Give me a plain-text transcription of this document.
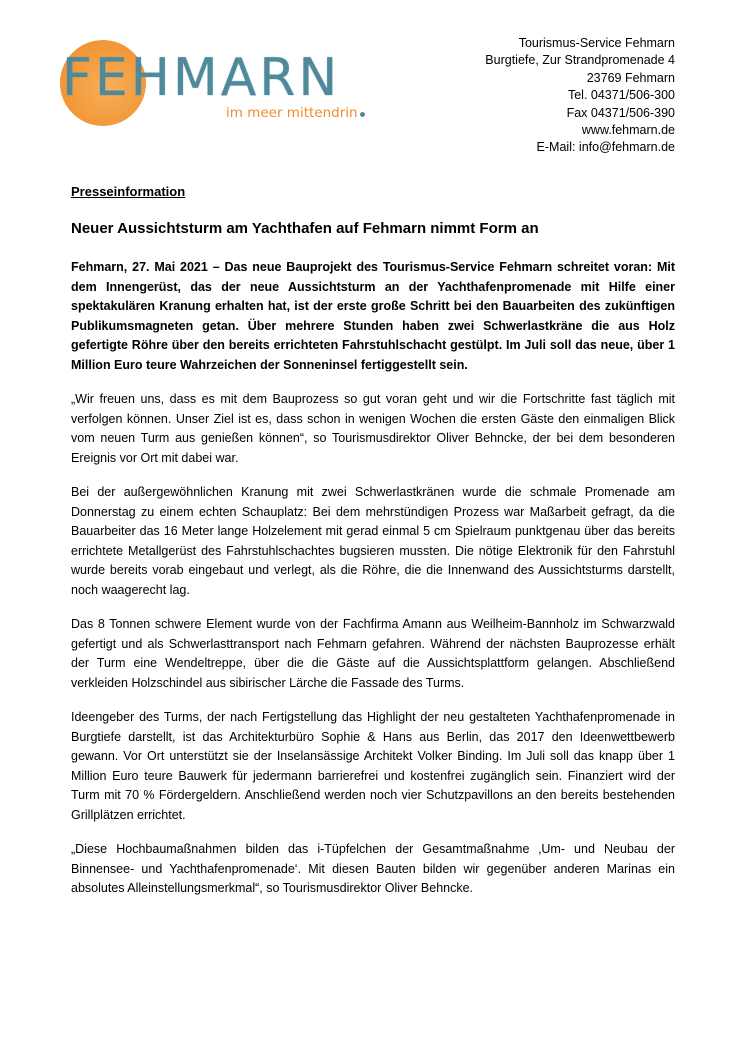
FEHMARN
im meer mittendrin
Tourismus-Service Fehmarn
Burgtiefe, Zur Strandpromenade 4
23769 Fehmarn
Tel. 04371/506-300
Fax 04371/506-390
www.fehmarn.de
E-Mail: info@fehmarn.de
Presseinformation
Neuer Aussichtsturm am Yachthafen auf Fehmarn nimmt Form an

Fehmarn, 27. Mai 2021 – Das neue Bauprojekt des Tourismus-Service Fehmarn schreitet voran: Mit dem Innengerüst, das der neue Aussichtsturm an der Yachthafenpromenade mit Hilfe einer spektakulären Kranung erhalten hat, ist der erste große Schritt bei den Bauarbeiten des zukünftigen Publikumsmagneten getan. Über mehrere Stunden haben zwei Schwerlastkräne die aus Holz gefertigte Röhre über den bereits errichteten Fahrstuhlschacht gestülpt. Im Juli soll das neue, über 1 Million Euro teure Wahrzeichen der Sonneninsel fertiggestellt sein.

„Wir freuen uns, dass es mit dem Bauprozess so gut voran geht und wir die Fortschritte fast täglich mit verfolgen können. Unser Ziel ist es, dass schon in wenigen Wochen die ersten Gäste den einmaligen Blick vom neuen Turm aus genießen können“, so Tourismusdirektor Oliver Behncke, der bei dem besonderen Ereignis vor Ort mit dabei war.

Bei der außergewöhnlichen Kranung mit zwei Schwerlastkränen wurde die schmale Promenade am Donnerstag zu einem echten Schauplatz: Bei dem mehrstündigen Prozess war Maßarbeit gefragt, da die Bauarbeiter das 16 Meter lange Holzelement mit gerad einmal 5 cm Spielraum punktgenau über das bereits errichtete Metallgerüst des Fahrstuhlschachtes bugsieren mussten. Die nötige Elektronik für den Fahrstuhl wurde bereits vorab eingebaut und verlegt, als die Röhre, die die Innenwand des Aussichtsturms darstellt, noch waagerecht lag.

Das 8 Tonnen schwere Element wurde von der Fachfirma Amann aus Weilheim-Bannholz im Schwarzwald gefertigt und als Schwerlasttransport nach Fehmarn gefahren. Während der nächsten Bauprozesse erhält der Turm eine Wendeltreppe, über die die Gäste auf die Aussichtsplattform gelangen. Abschließend verkleiden Holzschindel aus sibirischer Lärche die Fassade des Turms.

Ideengeber des Turms, der nach Fertigstellung das Highlight der neu gestalteten Yachthafenpromenade in Burgtiefe darstellt, ist das Architekturbüro Sophie & Hans aus Berlin, das 2017 den Ideenwettbewerb gewann. Vor Ort unterstützt sie der Inselansässige Architekt Volker Binding. Im Juli soll das knapp über 1 Million Euro teure Bauwerk für jedermann barrierefrei und kostenfrei zugänglich sein. Finanziert wird der Turm mit 70 % Fördergeldern. Anschließend werden noch vier Schutzpavillons an den bereits bestehenden Grillplätzen errichtet.

„Diese Hochbaumaßnahmen bilden das i-Tüpfelchen der Gesamtmaßnahme ‚Um- und Neubau der Binnensee- und Yachthafenpromenade‘. Mit diesen Bauten bilden wir gegenüber anderen Marinas ein absolutes Alleinstellungsmerkmal“, so Tourismusdirektor Oliver Behncke.
